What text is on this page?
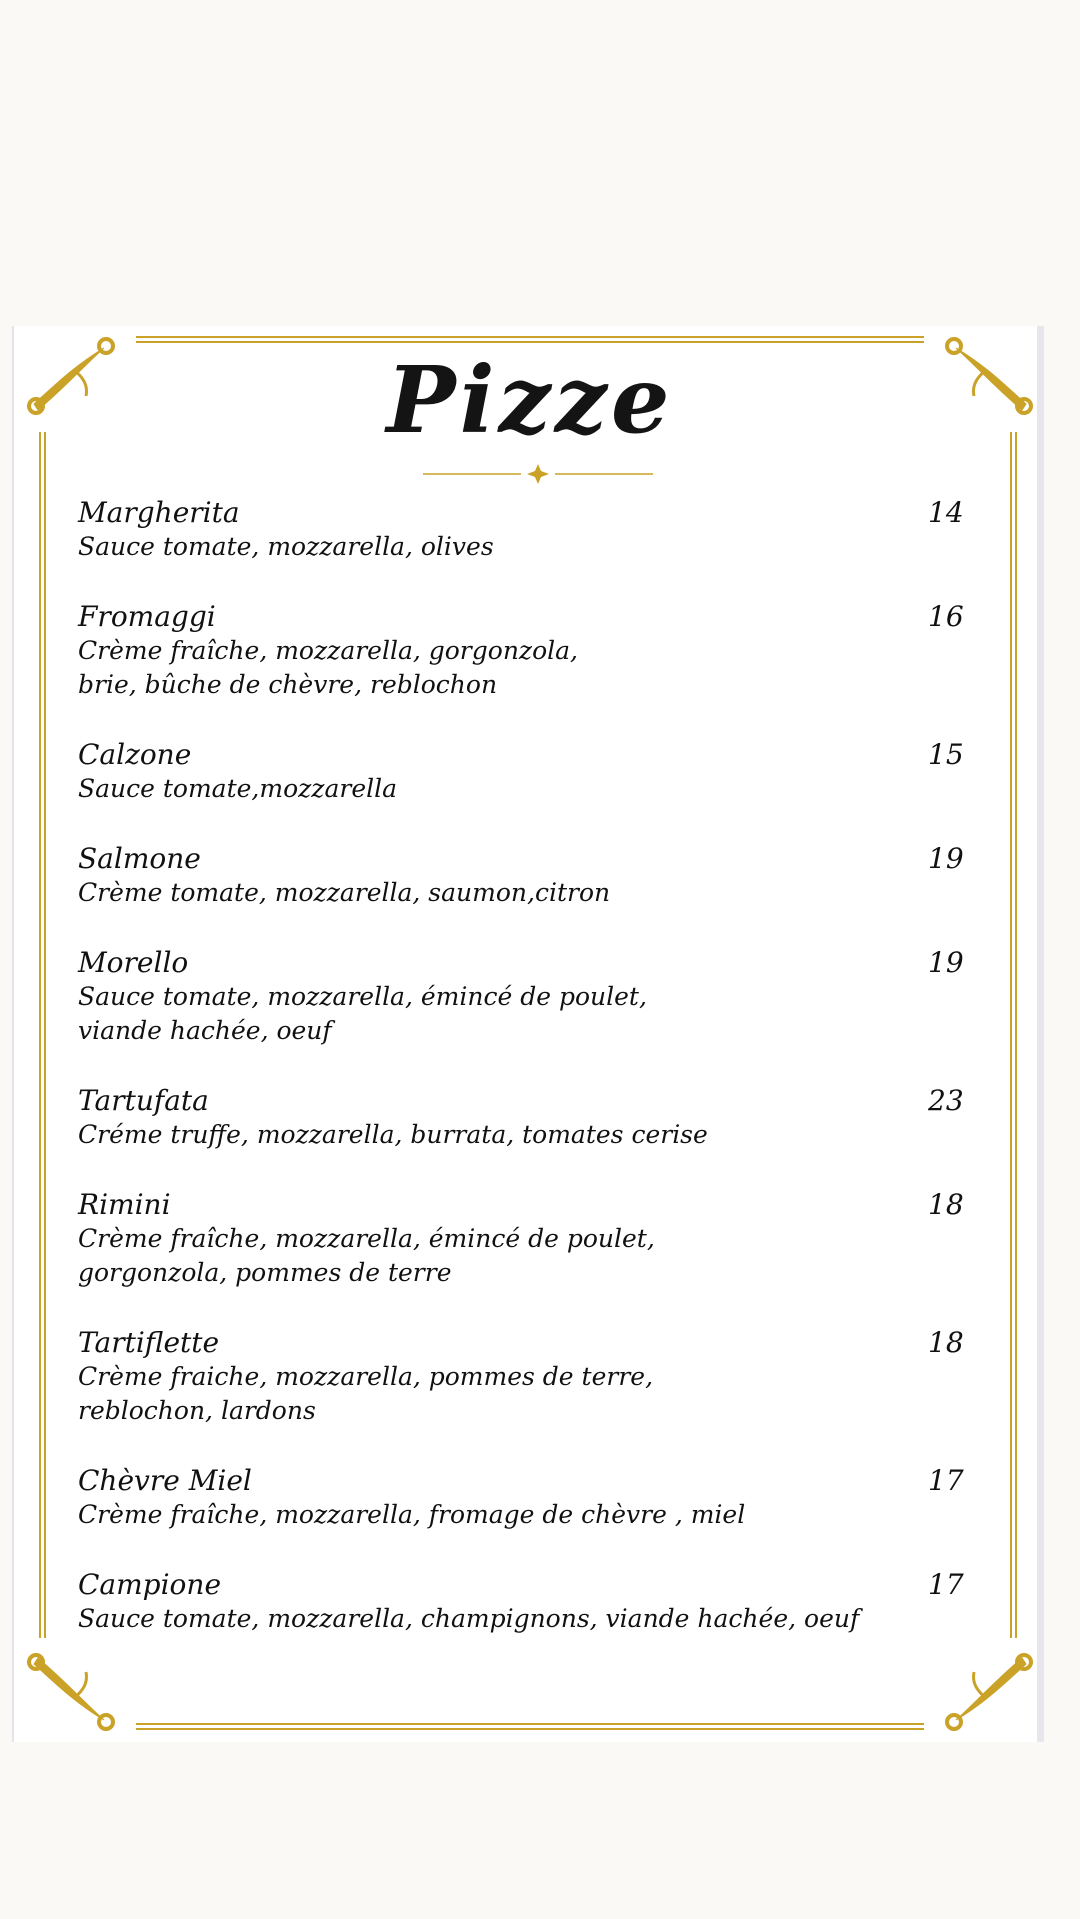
Pizze
Margherita	14
Sauce tomate, mozzarella, olives
Fromaggi	16
Crème fraîche, mozzarella, gorgonzola,
brie, bûche de chèvre, reblochon
Calzone	15
Sauce tomate,mozzarella
Salmone	19
Crème tomate, mozzarella, saumon,citron
Morello	19
Sauce tomate, mozzarella, émincé de poulet,
viande hachée, oeuf
Tartufata	23
Créme truffe, mozzarella, burrata, tomates cerise
Rimini	18
Crème fraîche, mozzarella, émincé de poulet,
gorgonzola, pommes de terre
Tartiflette	18
Crème fraiche, mozzarella, pommes de terre,
reblochon, lardons
Chèvre Miel	17
Crème fraîche, mozzarella, fromage de chèvre , miel
Campione	17
Sauce tomate, mozzarella, champignons, viande hachée, oeuf
